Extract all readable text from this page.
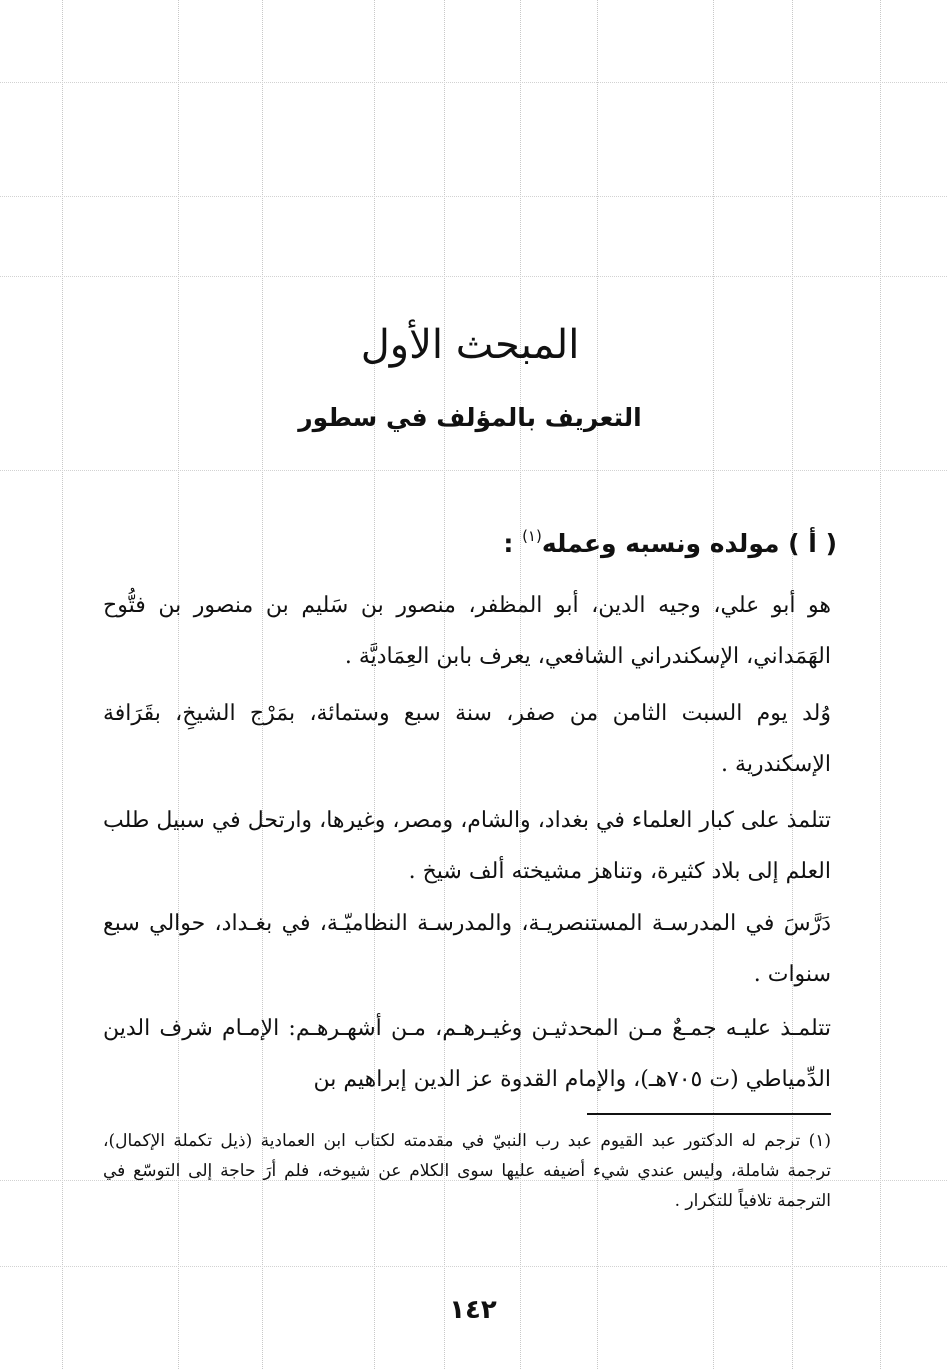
المبحث الأول
التعريف بالمؤلف في سطور
( أ ) مولده ونسبه وعمله$^{(١)}$ :

هو أبو علي، وجيه الدين، أبو المظفر، منصور بن سَليم بن منصور بن فتُّوح الهَمَداني، الإسكندراني الشافعي، يعرف بابن العِمَاديَّة .

وُلد يوم السبت الثامن من صفر، سنة سبع وستمائة، بمَرْج الشيخِ، بقَرَافة الإسكندرية .

تتلمذ على كبار العلماء في بغداد، والشام، ومصر، وغيرها، وارتحل في سبيل طلب العلم إلى بلاد كثيرة، وتناهز مشيخته ألف شيخ .

دَرَّسَ في المدرسـة المستنصريـة، والمدرسـة النظاميّـة، في بغـداد، حوالي سبع سنوات .

تتلمـذ عليـه جمـعٌ مـن المحدثيـن وغيـرهـم، مـن أشهـرهـم: الإمـام شرف الدين الدِّمياطي (ت ٧٠٥هـ)، والإمام القدوة عز الدين إبراهيم بن

(١) ترجم له الدكتور عبد القيوم عبد رب النبيّ في مقدمته لكتاب ابن العمادية (ذيل تكملة الإكمال)، ترجمة شاملة، وليس عندي شيء أضيفه عليها سوى الكلام عن شيوخه، فلم أرَ حاجة إلى التوسّع في الترجمة تلافياً للتكرار .

١٤٢
